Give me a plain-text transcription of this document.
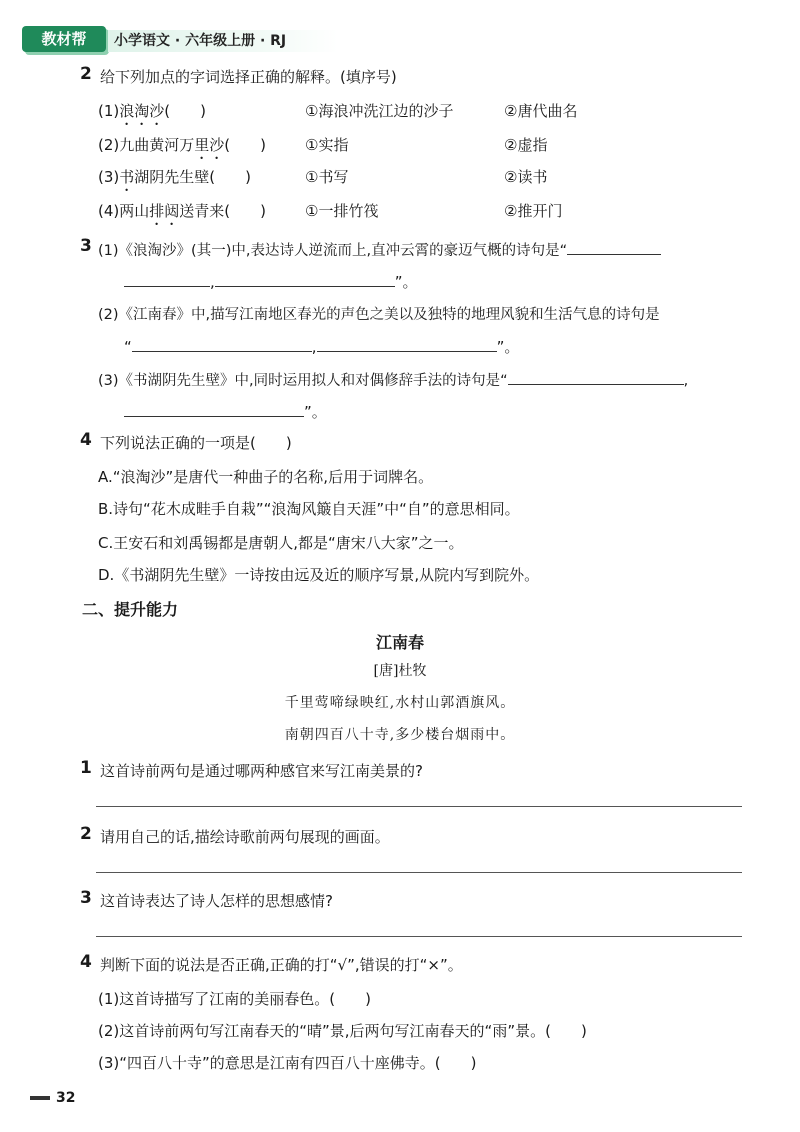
教材帮	小学语文 · 六年级上册 · RJ
2 给下列加点的字词选择正确的解释。(填序号)
(1)浪淘沙(　　)	①海浪冲洗江边的沙子	②唐代曲名
(2)九曲黄河万里沙(　　)	①实指	②虚指
(3)书湖阴先生壁(　　)	①书写	②读书
(4)两山排闼送青来(　　)	①一排竹筏	②推开门
3 (1)《浪淘沙》(其一)中,表达诗人逆流而上,直冲云霄的豪迈气概的诗句是“
,	”。
(2)《江南春》中,描写江南地区春光的声色之美以及独特的地理风貌和生活气息的诗句是
“	,	”。
(3)《书湖阴先生壁》中,同时运用拟人和对偶修辞手法的诗句是“	,
”。
4 下列说法正确的一项是(　　)
A.“浪淘沙”是唐代一种曲子的名称,后用于词牌名。
B.诗句“花木成畦手自栽”“浪淘风簸自天涯”中“自”的意思相同。
C.王安石和刘禹锡都是唐朝人,都是“唐宋八大家”之一。
D.《书湖阴先生壁》一诗按由远及近的顺序写景,从院内写到院外。
二、提升能力
江南春
[唐]杜牧
千里莺啼绿映红,水村山郭酒旗风。
南朝四百八十寺,多少楼台烟雨中。
1 这首诗前两句是通过哪两种感官来写江南美景的?
2 请用自己的话,描绘诗歌前两句展现的画面。
3 这首诗表达了诗人怎样的思想感情?
4 判断下面的说法是否正确,正确的打“√”,错误的打“×”。
(1)这首诗描写了江南的美丽春色。(　　)
(2)这首诗前两句写江南春天的“晴”景,后两句写江南春天的“雨”景。(　　)
(3)“四百八十寺”的意思是江南有四百八十座佛寺。(　　)
32
